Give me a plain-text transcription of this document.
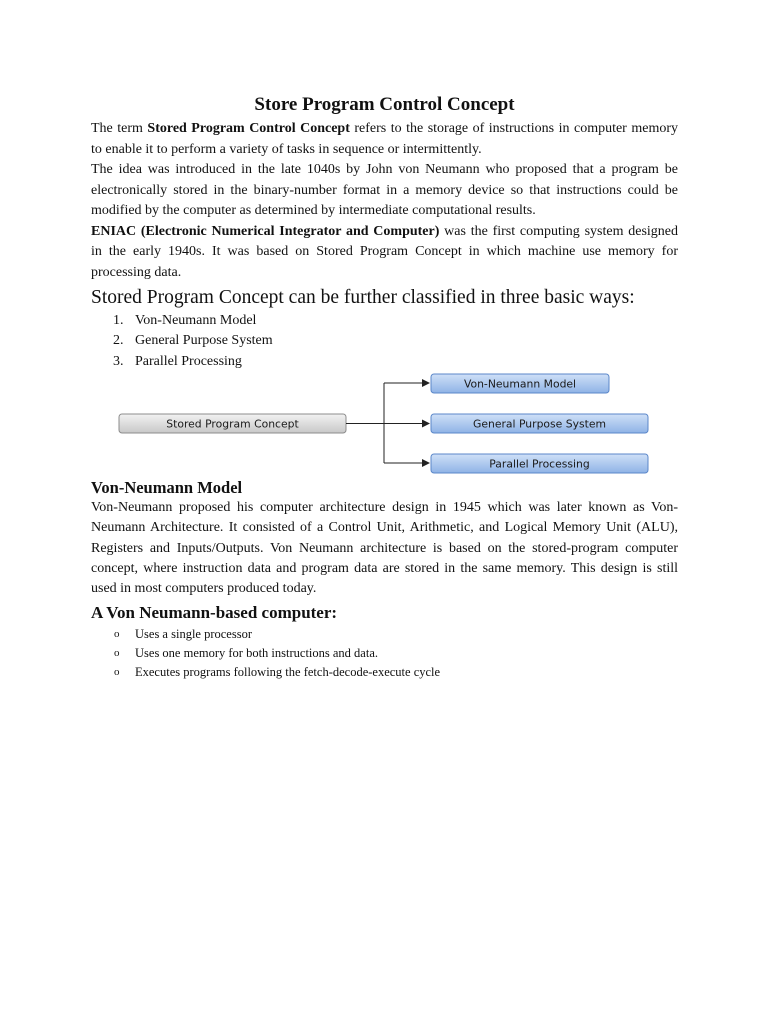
Store Program Control Concept

The term Stored Program Control Concept refers to the storage of instructions in computer memory to enable it to perform a variety of tasks in sequence or intermittently.

The idea was introduced in the late 1040s by John von Neumann who proposed that a program be electronically stored in the binary-number format in a memory device so that instructions could be modified by the computer as determined by intermediate computational results.

ENIAC (Electronic Numerical Integrator and Computer) was the first computing system designed in the early 1940s. It was based on Stored Program Concept in which machine use memory for processing data.

Stored Program Concept can be further classified in three basic ways:
1. Von-Neumann Model
2. General Purpose System
3. Parallel Processing
Stored Program Concept
Von-Neumann Model
General Purpose System
Parallel Processing
Von-Neumann Model

Von-Neumann proposed his computer architecture design in 1945 which was later known as Von-Neumann Architecture. It consisted of a Control Unit, Arithmetic, and Logical Memory Unit (ALU), Registers and Inputs/Outputs. Von Neumann architecture is based on the stored-program computer concept, where instruction data and program data are stored in the same memory. This design is still used in most computers produced today.

A Von Neumann-based computer:
o Uses a single processor
o Uses one memory for both instructions and data.
o Executes programs following the fetch-decode-execute cycle
